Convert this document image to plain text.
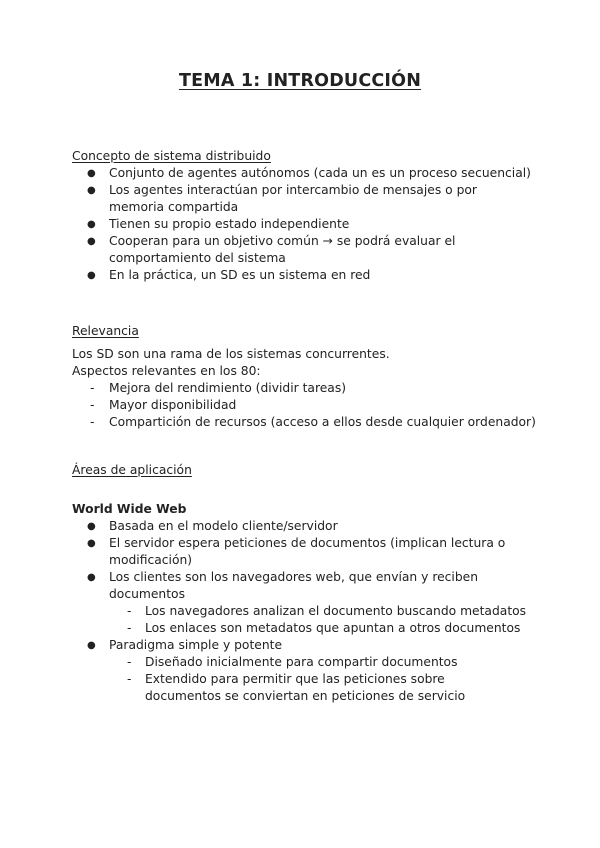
TEMA 1: INTRODUCCIÓN
Concepto de sistema distribuido
● Conjunto de agentes autónomos (cada un es un proceso secuencial)
● Los agentes interactúan por intercambio de mensajes o por memoria compartida
● Tienen su propio estado independiente
● Cooperan para un objetivo común → se podrá evaluar el comportamiento del sistema
● En la práctica, un SD es un sistema en red
Relevancia

Los SD son una rama de los sistemas concurrentes.

Aspectos relevantes en los 80:

- Mejora del rendimiento (dividir tareas)
- Mayor disponibilidad
- Compartición de recursos (acceso a ellos desde cualquier ordenador)
Áreas de aplicación
World Wide Web
● Basada en el modelo cliente/servidor
● El servidor espera peticiones de documentos (implican lectura o modificación)
● Los clientes son los navegadores web, que envían y reciben documentos
- Los navegadores analizan el documento buscando metadatos
- Los enlaces son metadatos que apuntan a otros documentos
● Paradigma simple y potente
- Diseñado inicialmente para compartir documentos
- Extendido para permitir que las peticiones sobre documentos se conviertan en peticiones de servicio
